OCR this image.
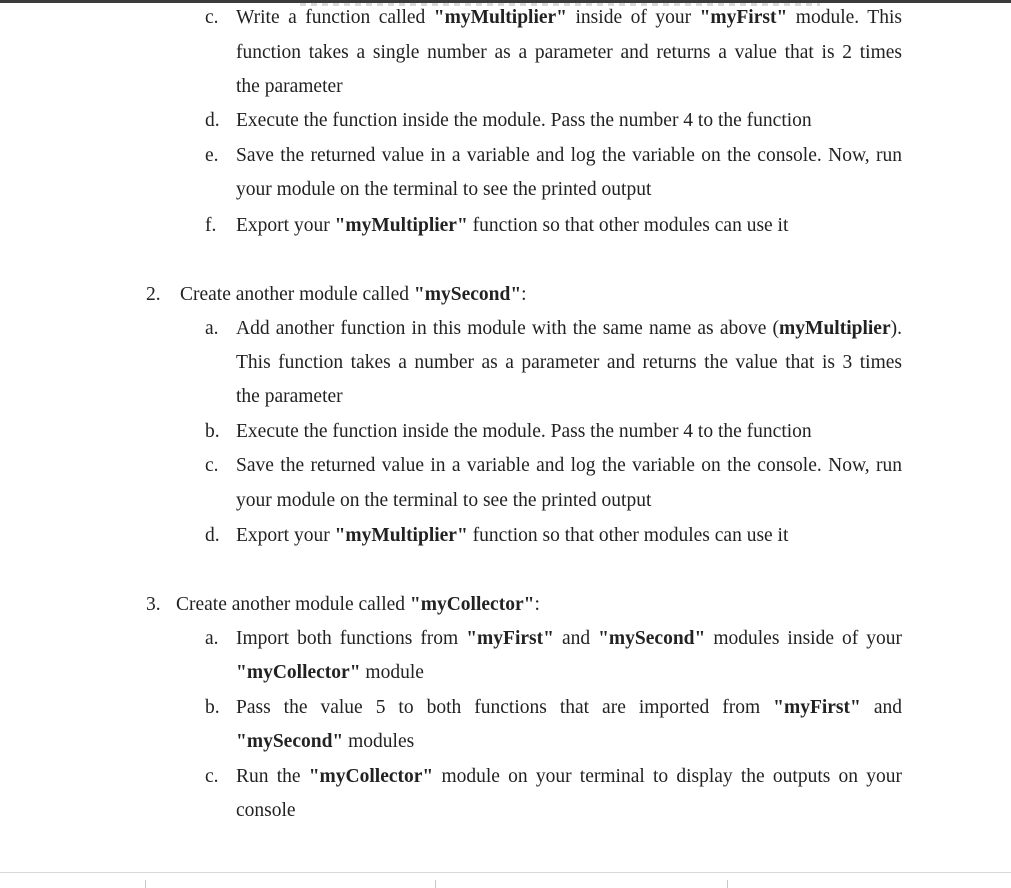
c. Write a function called "myMultiplier" inside of your "myFirst" module. This
function takes a single number as a parameter and returns a value that is 2 times
the parameter
d. Execute the function inside the module. Pass the number 4 to the function
e. Save the returned value in a variable and log the variable on the console. Now, run
your module on the terminal to see the printed output
f. Export your "myMultiplier" function so that other modules can use it
2. Create another module called "mySecond":
a. Add another function in this module with the same name as above (myMultiplier).
This function takes a number as a parameter and returns the value that is 3 times
the parameter
b. Execute the function inside the module. Pass the number 4 to the function
c. Save the returned value in a variable and log the variable on the console. Now, run
your module on the terminal to see the printed output
d. Export your "myMultiplier" function so that other modules can use it
3. Create another module called "myCollector":
a. Import both functions from "myFirst" and "mySecond" modules inside of your
"myCollector" module
b. Pass the value 5 to both functions that are imported from "myFirst" and
"mySecond" modules
c. Run the "myCollector" module on your terminal to display the outputs on your
console
